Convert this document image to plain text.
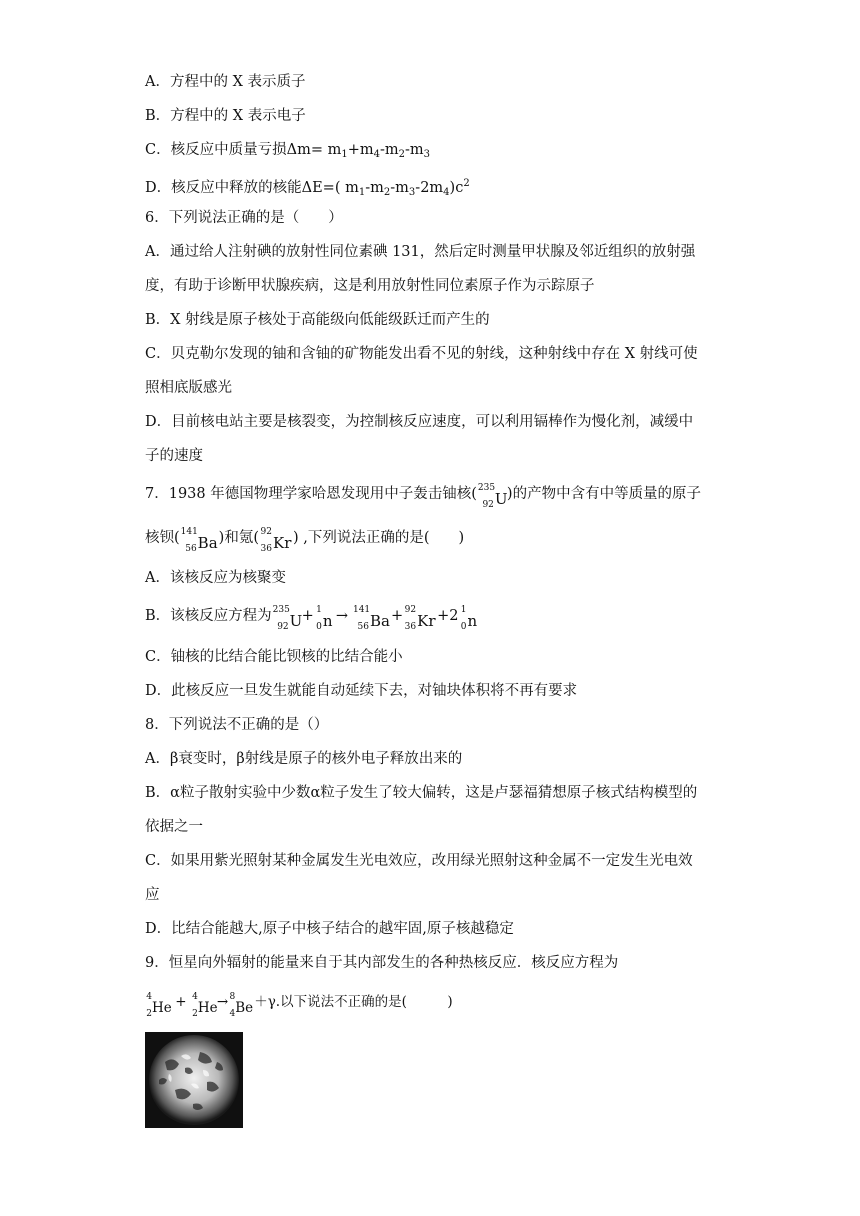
A．方程中的 X 表示质子
B．方程中的 X 表示电子
C．核反应中质量亏损$\Delta m= m_1+m_4-m_2-m_3$
D．核反应中释放的核能ΔE=( $m_1-m_2-m_3-2m_4)c^2$
6．下列说法正确的是（　　）
A．通过给人注射碘的放射性同位素碘 131，然后定时测量甲状腺及邻近组织的放射强
度，有助于诊断甲状腺疾病，这是利用放射性同位素原子作为示踪原子
B．X 射线是原子核处于高能级向低能级跃迁而产生的
C．贝克勒尔发现的铀和含铀的矿物能发出看不见的射线，这种射线中存在 X 射线可使
照相底版感光
D．目前核电站主要是核裂变，为控制核反应速度，可以利用镉棒作为慢化剂，减缓中
子的速度
7．1938 年德国物理学家哈恩发现用中子轰击铀核( 235
92 U)的产物中含有中等质量的原子
核钡( 141
56 Ba)和氪( 92
36 Kr ) ,下列说法正确的是(　　)
A．该核反应为核聚变
B．该核反应方程为 235
92 U+ 1
0 n → 141
56 Ba+ 92
36 Kr +2 1
0 n
C．铀核的比结合能比钡核的比结合能小
D．此核反应一旦发生就能自动延续下去，对铀块体积将不再有要求
8．下列说法不正确的是（）
A．β衰变时，β射线是原子的核外电子释放出来的
B．α粒子散射实验中少数α粒子发生了较大偏转，这是卢瑟福猜想原子核式结构模型的
依据之一
C．如果用紫光照射某种金属发生光电效应，改用绿光照射这种金属不一定发生光电效
应
D．比结合能越大,原子中核子结合的越牢固,原子核越稳定
9．恒星向外辐射的能量来自于其内部发生的各种热核反应．核反应方程为
4
2 He + 4
2 He→ 8
4 Be＋γ.以下说法不正确的是(　　　)
